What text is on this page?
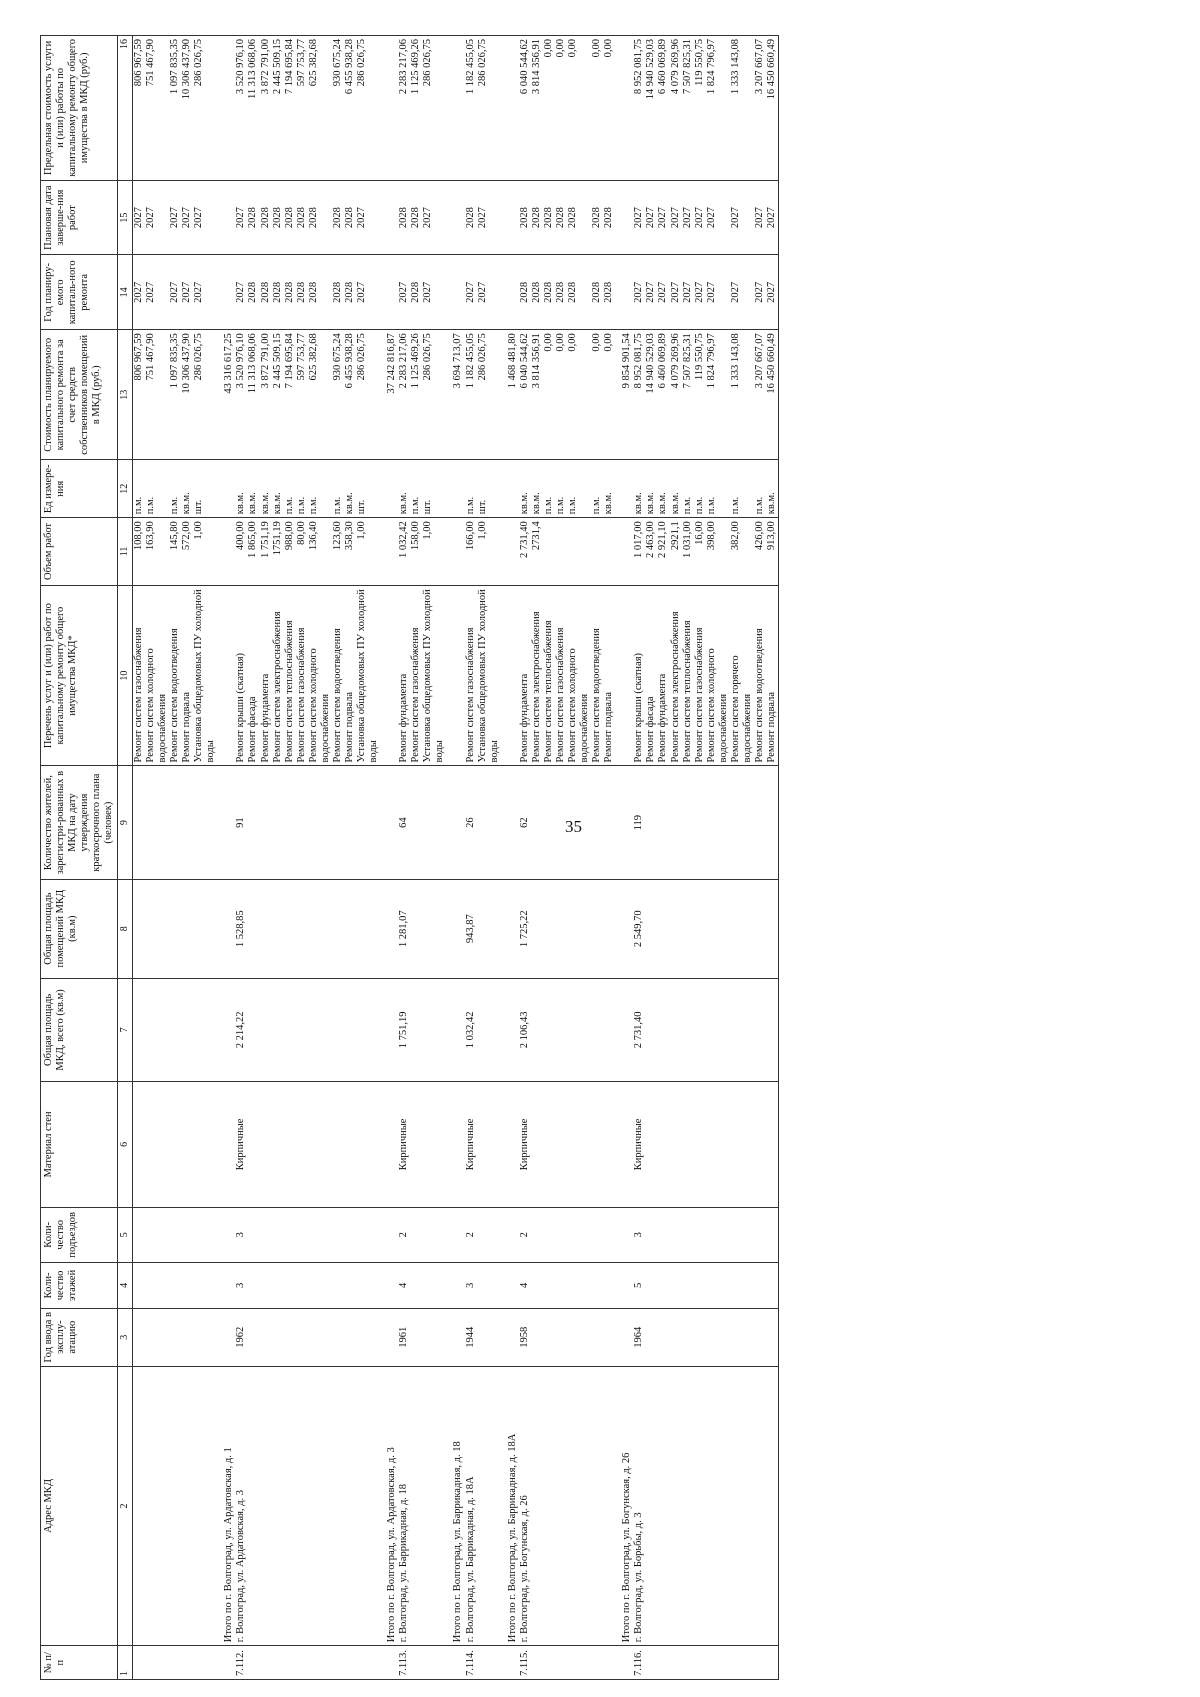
35
№ п/п	Адрес МКД	Год ввода в эксплу-атацию	Коли-чество этажей	Коли-чество подъездов	Материал стен	Общая площадь МКД, всего (кв.м)	Общая площадь помещений МКД (кв.м)	Количество жителей, зарегистри-рованных в МКД на дату утверждения краткосрочного плана (человек)	Перечень услуг и (или) работ по капитальному ремонту общего имущества МКД*	Объем работ	Ед измере-ния	Стоимость планируемого капитального ремонта за счет средств собственников помещений в МКД (руб.)	Год планиру-емого капиталь-ного ремонта	Плановая дата заверше-ния работ	Предельная стоимость услуги и (или) работы по капитальному ремонту общего имущества в МКД (руб.)
1	2	3	4	5	6	7	8	9	10	11	12	13	14	15	16
									Ремонт систем газоснабжения	108,00	п.м.	806 967,59	2027	2027	806 967,59
									Ремонт систем холодного водоснабжения	163,90	п.м.	751 467,90	2027	2027	751 467,90
									Ремонт систем водоотведения	145,80	п.м.	1 097 835,35	2027	2027	1 097 835,35
									Ремонт подвала	572,00	кв.м.	10 306 437,90	2027	2027	10 306 437,90
									Установка общедомовых ПУ холодной воды	1,00	шт.	286 026,75	2027	2027	286 026,75
	Итого по г. Волгоград, ул. Ардатовская, д. 1											43 316 617,25			
7.112.	г. Волгоград, ул. Ардатовская, д. 3	1962	3	3	Кирпичные	2 214,22	1 528,85	91	Ремонт крыши (скатная)	400,00	кв.м.	3 520 976,10	2027	2027	3 520 976,10
									Ремонт фасада	1 865,00	кв.м.	11 313 068,06	2028	2028	11 313 068,06
									Ремонт фундамента	1 751,19	кв.м.	3 872 791,00	2028	2028	3 872 791,00
									Ремонт систем электроснабжения	1751,19	кв.м.	2 445 509,15	2028	2028	2 445 509,15
									Ремонт систем теплоснабжения	988,00	п.м.	7 194 695,84	2028	2028	7 194 695,84
									Ремонт систем газоснабжения	80,00	п.м.	597 753,77	2028	2028	597 753,77
									Ремонт систем холодного водоснабжения	136,40	п.м.	625 382,68	2028	2028	625 382,68
									Ремонт систем водоотведения	123,60	п.м.	930 675,24	2028	2028	930 675,24
									Ремонт подвала	358,30	кв.м.	6 455 938,28	2028	2028	6 455 938,28
									Установка общедомовых ПУ холодной воды	1,00	шт.	286 026,75	2027	2027	286 026,75
	Итого по г. Волгоград, ул. Ардатовская, д. 3											37 242 816,87			
7.113.	г. Волгоград, ул. Баррикадная, д. 18	1961	4	2	Кирпичные	1 751,19	1 281,07	64	Ремонт фундамента	1 032,42	кв.м.	2 283 217,06	2027	2028	2 283 217,06
									Ремонт систем газоснабжения	158,00	п.м.	1 125 469,26	2028	2028	1 125 469,26
									Установка общедомовых ПУ холодной воды	1,00	шт.	286 026,75	2027	2027	286 026,75
	Итого по г. Волгоград, ул. Баррикадная, д. 18											3 694 713,07			
7.114.	г. Волгоград, ул. Баррикадная, д. 18А	1944	3	2	Кирпичные	1 032,42	943,87	26	Ремонт систем газоснабжения	166,00	п.м.	1 182 455,05	2027	2028	1 182 455,05
									Установка общедомовых ПУ холодной воды	1,00	шт.	286 026,75	2027	2027	286 026,75
	Итого по г. Волгоград, ул. Баррикадная, д. 18А											1 468 481,80			
7.115.	г. Волгоград, ул. Богунская, д. 26	1958	4	2	Кирпичные	2 106,43	1 725,22	62	Ремонт фундамента	2 731,40	кв.м.	6 040 544,62	2028	2028	6 040 544,62
									Ремонт систем электроснабжения	2731,4	кв.м.	3 814 356,91	2028	2028	3 814 356,91
									Ремонт систем теплоснабжения		п.м.	0,00	2028	2028	0,00
									Ремонт систем газоснабжения		п.м.	0,00	2028	2028	0,00
									Ремонт систем холодного водоснабжения		п.м.	0,00	2028	2028	0,00
									Ремонт систем водоотведения		п.м.	0,00	2028	2028	0,00
									Ремонт подвала		кв.м.	0,00	2028	2028	0,00
	Итого по г. Волгоград, ул. Богунская, д. 26											9 854 901,54			
7.116.	г. Волгоград, ул. Борьбы, д. 3	1964	5	3	Кирпичные	2 731,40	2 549,70	119	Ремонт крыши (скатная)	1 017,00	кв.м.	8 952 081,75	2027	2027	8 952 081,75
									Ремонт фасада	2 463,00	кв.м.	14 940 529,03	2027	2027	14 940 529,03
									Ремонт фундамента	2 921,10	кв.м.	6 460 069,89	2027	2027	6 460 069,89
									Ремонт систем электроснабжения	2921,1	кв.м.	4 079 269,96	2027	2027	4 079 269,96
									Ремонт систем теплоснабжения	1 031,00	п.м.	7 507 825,31	2027	2027	7 507 825,31
									Ремонт систем газоснабжения	16,00	п.м.	119 550,75	2027	2027	119 550,75
									Ремонт систем холодного водоснабжения	398,00	п.м.	1 824 796,97	2027	2027	1 824 796,97
									Ремонт систем горячего водоснабжения	382,00	п.м.	1 333 143,08	2027	2027	1 333 143,08
									Ремонт систем водоотведения	426,00	п.м.	3 207 667,07	2027	2027	3 207 667,07
									Ремонт подвала	913,00	кв.м.	16 450 660,49	2027	2027	16 450 660,49
